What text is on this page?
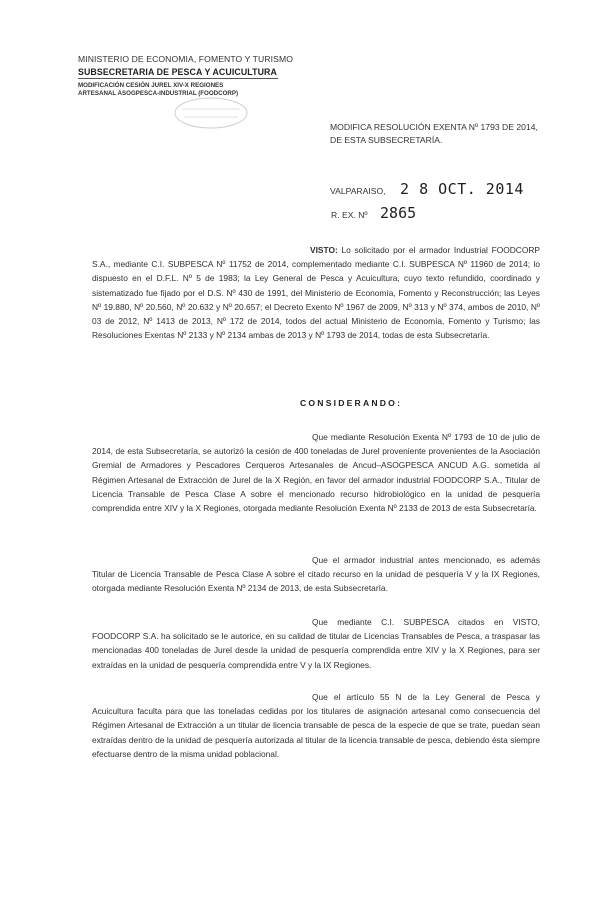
MINISTERIO DE ECONOMIA, FOMENTO Y TURISMO
SUBSECRETARIA DE PESCA Y ACUICULTURA
MODIFICACIÓN CESIÓN JUREL XIV-X REGIONES
ARTESANAL ASOGPESCA-INDUSTRIAL (FOODCORP)
MODIFICA RESOLUCIÓN EXENTA Nº 1793 DE 2014, DE ESTA SUBSECRETARÍA.
VALPARAISO, 2 8 OCT. 2014
R. EX. Nº 2865
VISTO: Lo solicitado por el armador Industrial FOODCORP S.A., mediante C.I. SUBPESCA Nº 11752 de 2014, complementado mediante C.I. SUBPESCA Nº 11960 de 2014; lo dispuesto en el D.F.L. Nº 5 de 1983; la Ley General de Pesca y Acuicultura, cuyo texto refundido, coordinado y sistematizado fue fijado por el D.S. Nº 430 de 1991, del Ministerio de Economía, Fomento y Reconstrucción; las Leyes Nº 19.880, Nº 20.560, Nº 20.632 y Nº 20.657; el Decreto Exento Nº 1967 de 2009, Nº 313 y Nº 374, ambos de 2010, Nº 03 de 2012, Nº 1413 de 2013, Nº 172 de 2014, todos del actual Ministerio de Economía, Fomento y Turismo; las Resoluciones Exentas Nº 2133 y Nº 2134 ambas de 2013 y Nº 1793 de 2014, todas de esta Subsecretaría.
CONSIDERANDO:
Que mediante Resolución Exenta Nº 1793 de 10 de julio de 2014, de esta Subsecretaría, se autorizó la cesión de 400 toneladas de Jurel proveniente provenientes de la Asociación Gremial de Armadores y Pescadores Cerqueros Artesanales de Ancud–ASOGPESCA ANCUD A.G. sometida al Régimen Artesanal de Extracción de Jurel de la X Región, en favor del armador industrial FOODCORP S.A., Titular de Licencia Transable de Pesca Clase A sobre el mencionado recurso hidrobiológico en la unidad de pesquería comprendida entre XIV y la X Regiones, otorgada mediante Resolución Exenta Nº 2133 de 2013 de esta Subsecretaría.
Que el armador industrial antes mencionado, es además Titular de Licencia Transable de Pesca Clase A sobre el citado recurso en la unidad de pesquería V y la IX Regiones, otorgada mediante Resolución Exenta Nº 2134 de 2013, de esta Subsecretaría.
Que mediante C.I. SUBPESCA citados en VISTO, FOODCORP S.A. ha solicitado se le autorice, en su calidad de titular de Licencias Transables de Pesca, a traspasar las mencionadas 400 toneladas de Jurel desde la unidad de pesquería comprendida entre XIV y la X Regiones, para ser extraídas en la unidad de pesquería comprendida entre V y la IX Regiones.
Que el artículo 55 N de la Ley General de Pesca y Acuicultura faculta para que las toneladas cedidas por los titulares de asignación artesanal como consecuencia del Régimen Artesanal de Extracción a un titular de licencia transable de pesca de la especie de que se trate, puedan sean extraídas dentro de la unidad de pesquería autorizada al titular de la licencia transable de pesca, debiendo ésta siempre efectuarse dentro de la misma unidad poblacional.
